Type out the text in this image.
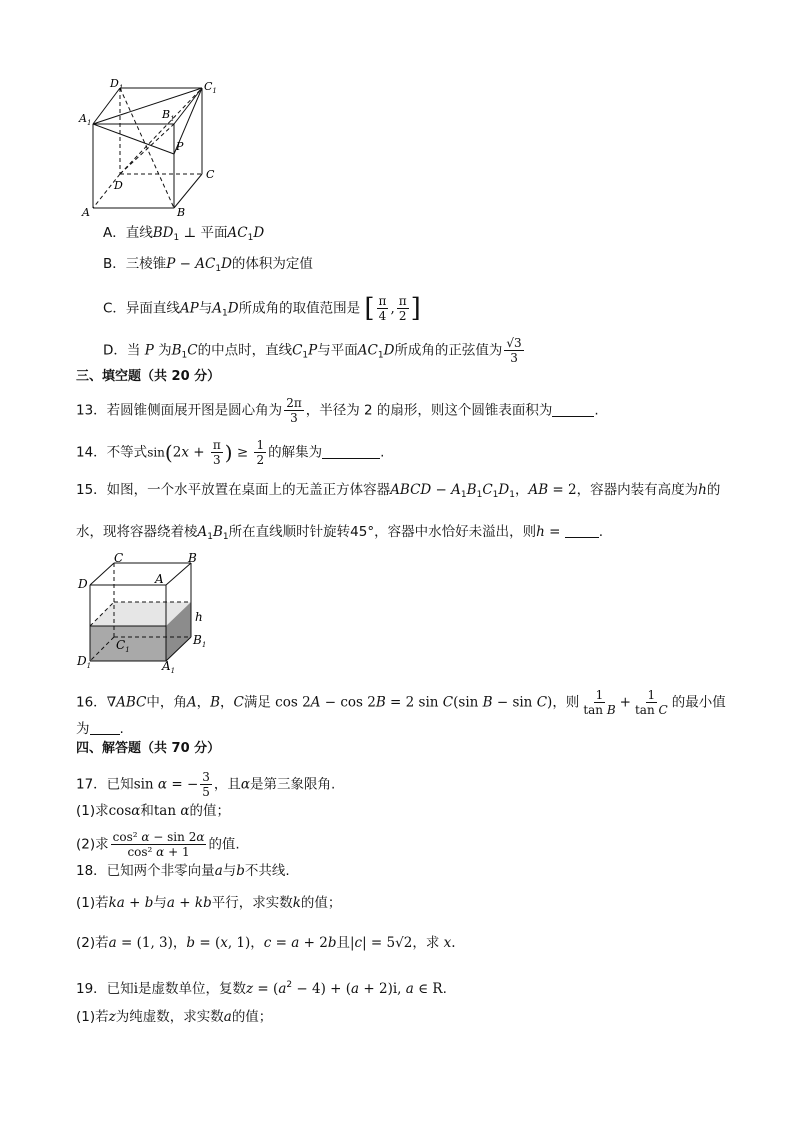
$D_1$	$C_1$
$A_1$
$B_1$
P
C
D
A	B
A．直线$BD_1$ ⊥ 平面$AC_1D$
B．三棱锥$P - AC_1D$的体积为定值
C．异面直线AP与$A_1D$所成角的取值范围是 [ $\frac{\pi}{4}$ , $\frac{\pi}{2}$ ]
D．当 P 为$B_1C$的中点时，直线$C_1P$与平面$AC_1D$所成角的正弦值为 $\frac{√3}{3}$
三、填空题（共 20 分）
13．若圆锥侧面展开图是圆心角为 $\frac{2\pi}{3}$ ，半径为 2 的扇形，则这个圆锥表面积为	.
14．不等式$\sin(2x + \frac{\pi}{3}$ ) ≥ $\frac{1}{2}$ 的解集为	.
15．如图，一个水平放置在桌面上的无盖正方体容器ABCD − $A_1B_1C_1D_1$，AB = 2，容器内装有高度为h的
水，现将容器绕着棱$A_1B_1$所在直线顺时针旋转45°，容器中水恰好未溢出，则h =	.
C	B
D	A
h
$B_1$
$C_1$
$D_1$	$A_1$
16．∇ABC中，角A，B，C满足 cos 2A − cos 2B = 2 sin C(sin B − sin C)，则 $\frac{1}{\text{tan B}} + \frac{1}{\text{tan C}}$ 的最小值
为 .
四、解答题（共 70 分）
17．已知sin α = − $\frac{3}{5}$ ，且α是第三象限角.
(1)求cosα和tan α的值；
(2)求 $\frac{\text{cos² α − sin 2α}}{\text{cos² α + 1}}$ 的值.
18．已知两个非零向量a与b不共线.
(1)若ka + b与a + kb平行，求实数k的值；
(2)若a = (1, 3)，b = (x, 1)，c = a + 2b且|c| = 5√2，求 x.
19．已知i是虚数单位，复数$z = (a^2 - 4) + (a + 2)i$, a ∈ R.
(1)若z为纯虚数，求实数a的值；
